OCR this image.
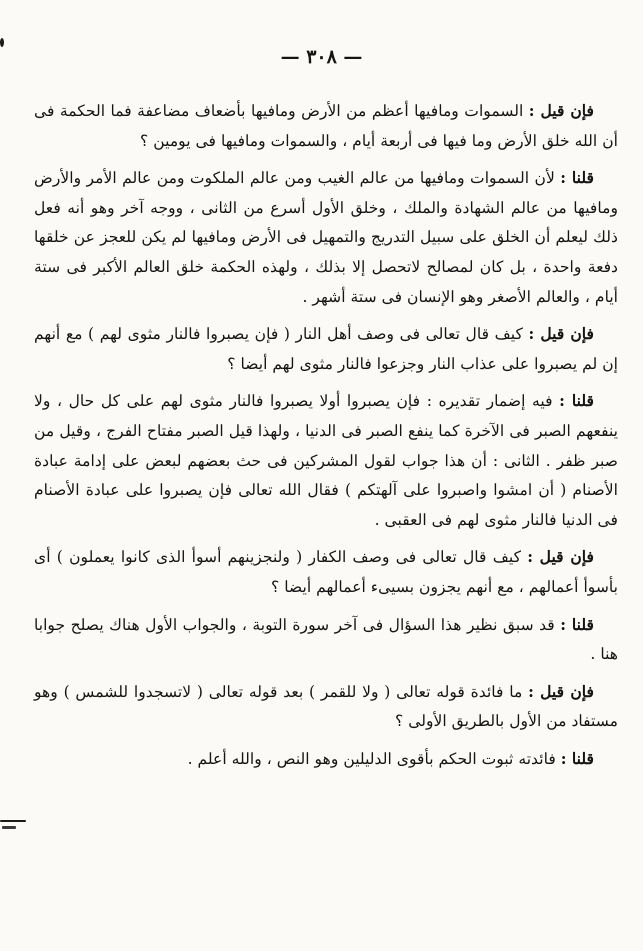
— ٣٠٨ —

فإن قيل : السموات ومافيها أعظم من الأرض ومافيها بأضعاف مضاعفة فما الحكمة فى أن الله خلق الأرض وما فيها فى أربعة أيام ، والسموات ومافيها فى يومين ؟

قلنا : لأن السموات ومافيها من عالم الغيب ومن عالم الملكوت ومن عالم الأمر والأرض ومافيها من عالم الشهادة والملك ، وخلق الأول أسرع من الثانى ، ووجه آخر وهو أنه فعل ذلك ليعلم أن الخلق على سبيل التدريج والتمهيل فى الأرض ومافيها لم يكن للعجز عن خلقها دفعة واحدة ، بل كان لمصالح لاتحصل إلا بذلك ، ولهذه الحكمة خلق العالم الأكبر فى ستة أيام ، والعالم الأصغر وهو الإنسان فى ستة أشهر .

فإن قيل : كيف قال تعالى فى وصف أهل النار ( فإن يصبروا فالنار مثوى لهم ) مع أنهم إن لم يصبروا على عذاب النار وجزعوا فالنار مثوى لهم أيضا ؟

قلنا : فيه إضمار تقديره : فإن يصبروا أولا يصبروا فالنار مثوى لهم على كل حال ، ولا ينفعهم الصبر فى الآخرة كما ينفع الصبر فى الدنيا ، ولهذا قيل الصبر مفتاح الفرج ، وقيل من صبر ظفر . الثانى : أن هذا جواب لقول المشركين فى حث بعضهم لبعض على إدامة عبادة الأصنام ( أن امشوا واصبروا على آلهتكم ) فقال الله تعالى فإن يصبروا على عبادة الأصنام فى الدنيا فالنار مثوى لهم فى العقبى .

فإن قيل : كيف قال تعالى فى وصف الكفار ( ولنجزينهم أسوأ الذى كانوا يعملون ) أى بأسوأ أعمالهم ، مع أنهم يجزون بسيىء أعمالهم أيضا ؟

قلنا : قد سبق نظير هذا السؤال فى آخر سورة التوبة ، والجواب الأول هناك يصلح جوابا هنا .

فإن قيل : ما فائدة قوله تعالى ( ولا للقمر ) بعد قوله تعالى ( لاتسجدوا للشمس ) وهو مستفاد من الأول بالطريق الأولى ؟

قلنا : فائدته ثبوت الحكم بأقوى الدليلين وهو النص ، والله أعلم .
